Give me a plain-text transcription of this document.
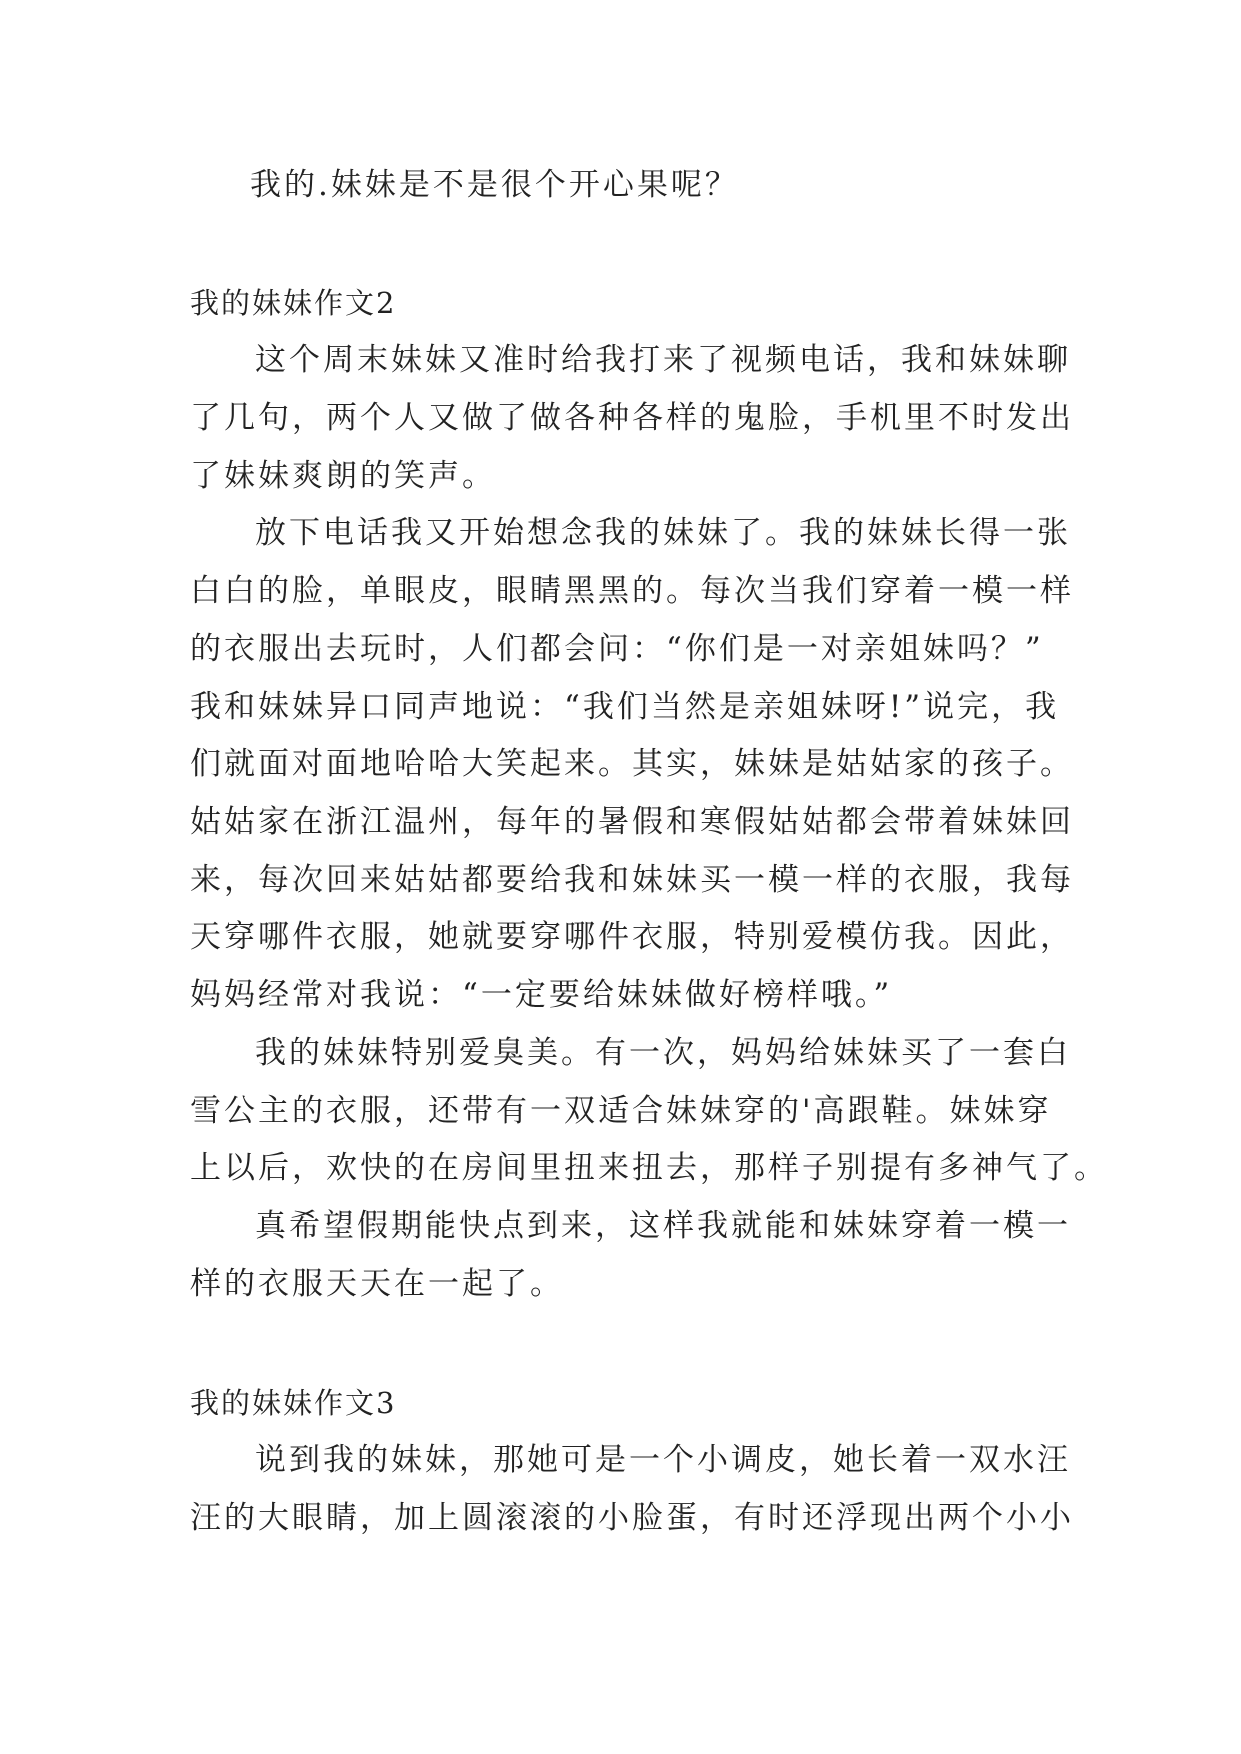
我的.妹妹是不是很个开心果呢？
我的妹妹作文2
这个周末妹妹又准时给我打来了视频电话，我和妹妹聊
了几句，两个人又做了做各种各样的鬼脸，手机里不时发出
了妹妹爽朗的笑声。
放下电话我又开始想念我的妹妹了。我的妹妹长得一张
白白的脸，单眼皮，眼睛黑黑的。每次当我们穿着一模一样
的衣服出去玩时，人们都会问：“你们是一对亲姐妹吗？”
我和妹妹异口同声地说：“我们当然是亲姐妹呀!”说完，我
们就面对面地哈哈大笑起来。其实，妹妹是姑姑家的孩子。
姑姑家在浙江温州，每年的暑假和寒假姑姑都会带着妹妹回
来，每次回来姑姑都要给我和妹妹买一模一样的衣服，我每
天穿哪件衣服，她就要穿哪件衣服，特别爱模仿我。因此，
妈妈经常对我说：“一定要给妹妹做好榜样哦。”
我的妹妹特别爱臭美。有一次，妈妈给妹妹买了一套白
雪公主的衣服，还带有一双适合妹妹穿的'高跟鞋。妹妹穿
上以后，欢快的在房间里扭来扭去，那样子别提有多神气了。
真希望假期能快点到来，这样我就能和妹妹穿着一模一
样的衣服天天在一起了。
我的妹妹作文3
说到我的妹妹，那她可是一个小调皮，她长着一双水汪
汪的大眼睛，加上圆滚滚的小脸蛋，有时还浮现出两个小小
